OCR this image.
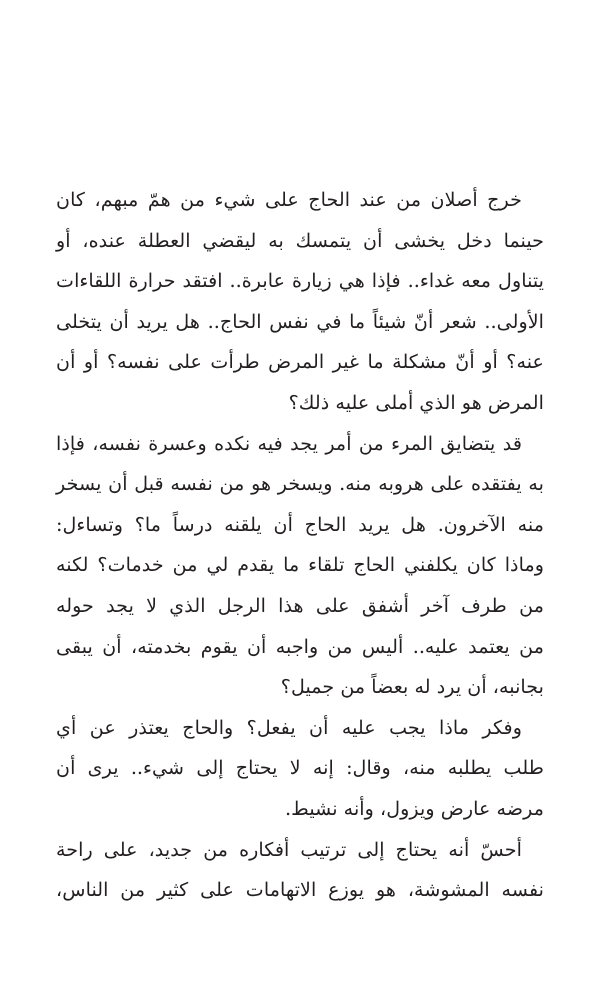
خرج أصلان من عند الحاج على شيء من همّ مبهم، كان
حينما دخل يخشى أن يتمسك به ليقضي العطلة عنده، أو
يتناول معه غداء.. فإذا هي زيارة عابرة.. افتقد حرارة اللقاءات
الأولى.. شعر أنّ شيئاً ما في نفس الحاج.. هل يريد أن يتخلى
عنه؟ أو أنّ مشكلة ما غير المرض طرأت على نفسه؟ أو أن
المرض هو الذي أملى عليه ذلك؟
قد يتضايق المرء من أمر يجد فيه نكده وعسرة نفسه، فإذا
به يفتقده على هروبه منه. ويسخر هو من نفسه قبل أن يسخر
منه الآخرون. هل يريد الحاج أن يلقنه درساً ما؟ وتساءل:
وماذا كان يكلفني الحاج تلقاء ما يقدم لي من خدمات؟ لكنه
من طرف آخر أشفق على هذا الرجل الذي لا يجد حوله
من يعتمد عليه.. أليس من واجبه أن يقوم بخدمته، أن يبقى
بجانبه، أن يرد له بعضاً من جميل؟
وفكر ماذا يجب عليه أن يفعل؟ والحاج يعتذر عن أي
طلب يطلبه منه، وقال: إنه لا يحتاج إلى شيء.. يرى أن
مرضه عارض ويزول، وأنه نشيط.
أحسّ أنه يحتاج إلى ترتيب أفكاره من جديد، على راحة
نفسه المشوشة، هو يوزع الاتهامات على كثير من الناس،
